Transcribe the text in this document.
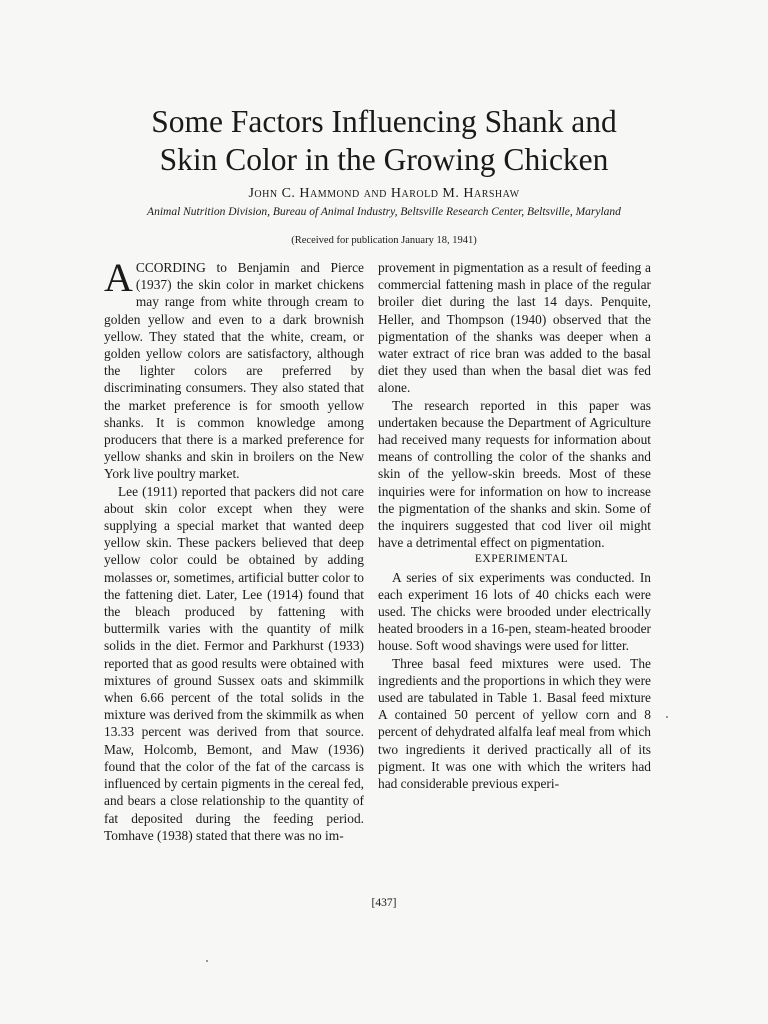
Some Factors Influencing Shank and
Skin Color in the Growing Chicken
John C. Hammond and Harold M. Harshaw
Animal Nutrition Division, Bureau of Animal Industry, Beltsville Research Center, Beltsville, Maryland
(Received for publication January 18, 1941)

ACCORDING to Benjamin and Pierce (1937) the skin color in market chickens may range from white through cream to golden yellow and even to a dark brownish yellow. They stated that the white, cream, or golden yellow colors are satisfactory, although the lighter colors are preferred by discriminating consumers. They also stated that the market preference is for smooth yellow shanks. It is common knowledge among producers that there is a marked preference for yellow shanks and skin in broilers on the New York live poultry market.

Lee (1911) reported that packers did not care about skin color except when they were supplying a special market that wanted deep yellow skin. These packers believed that deep yellow color could be obtained by adding molasses or, sometimes, artificial butter color to the fattening diet. Later, Lee (1914) found that the bleach produced by fattening with buttermilk varies with the quantity of milk solids in the diet. Fermor and Parkhurst (1933) reported that as good results were obtained with mixtures of ground Sussex oats and skimmilk when 6.66 percent of the total solids in the mixture was derived from the skimmilk as when 13.33 percent was derived from that source. Maw, Holcomb, Bemont, and Maw (1936) found that the color of the fat of the carcass is influenced by certain pigments in the cereal fed, and bears a close relationship to the quantity of fat deposited during the feeding period. Tomhave (1938) stated that there was no im-

provement in pigmentation as a result of feeding a commercial fattening mash in place of the regular broiler diet during the last 14 days. Penquite, Heller, and Thompson (1940) observed that the pigmentation of the shanks was deeper when a water extract of rice bran was added to the basal diet they used than when the basal diet was fed alone.

The research reported in this paper was undertaken because the Department of Agriculture had received many requests for information about means of controlling the color of the shanks and skin of the yellow-skin breeds. Most of these inquiries were for information on how to increase the pigmentation of the shanks and skin. Some of the inquirers suggested that cod liver oil might have a detrimental effect on pigmentation.

EXPERIMENTAL

A series of six experiments was conducted. In each experiment 16 lots of 40 chicks each were used. The chicks were brooded under electrically heated brooders in a 16-pen, steam-heated brooder house. Soft wood shavings were used for litter.

Three basal feed mixtures were used. The ingredients and the proportions in which they were used are tabulated in Table 1. Basal feed mixture A contained 50 percent of yellow corn and 8 percent of dehydrated alfalfa leaf meal from which two ingredients it derived practically all of its pigment. It was one with which the writers had had considerable previous experi-

[437]
